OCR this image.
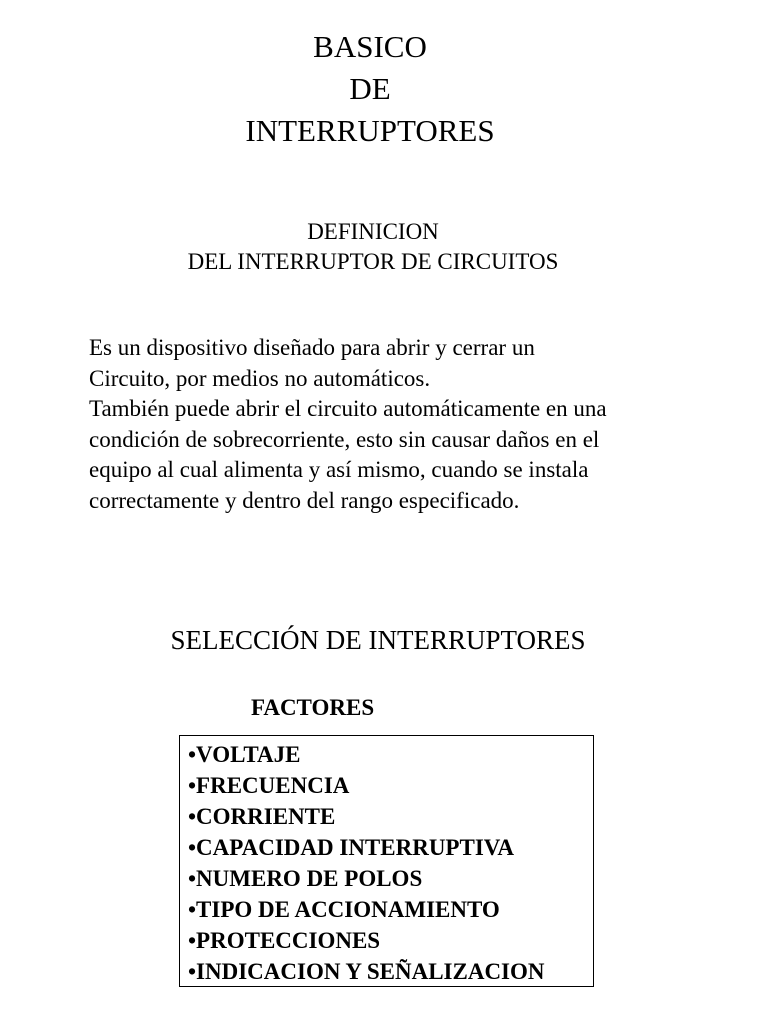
BASICO
DE
INTERRUPTORES
DEFINICION
DEL INTERRUPTOR DE CIRCUITOS
Es un dispositivo diseñado para abrir y cerrar un
Circuito, por medios no automáticos.
También puede abrir el circuito automáticamente en una
condición de sobrecorriente, esto sin causar daños en el
equipo al cual alimenta y así mismo, cuando se instala
correctamente y dentro del rango especificado.
SELECCIÓN DE INTERRUPTORES
FACTORES
•VOLTAJE
•FRECUENCIA
•CORRIENTE
•CAPACIDAD INTERRUPTIVA
•NUMERO DE POLOS
•TIPO DE ACCIONAMIENTO
•PROTECCIONES
•INDICACION Y SEÑALIZACION
